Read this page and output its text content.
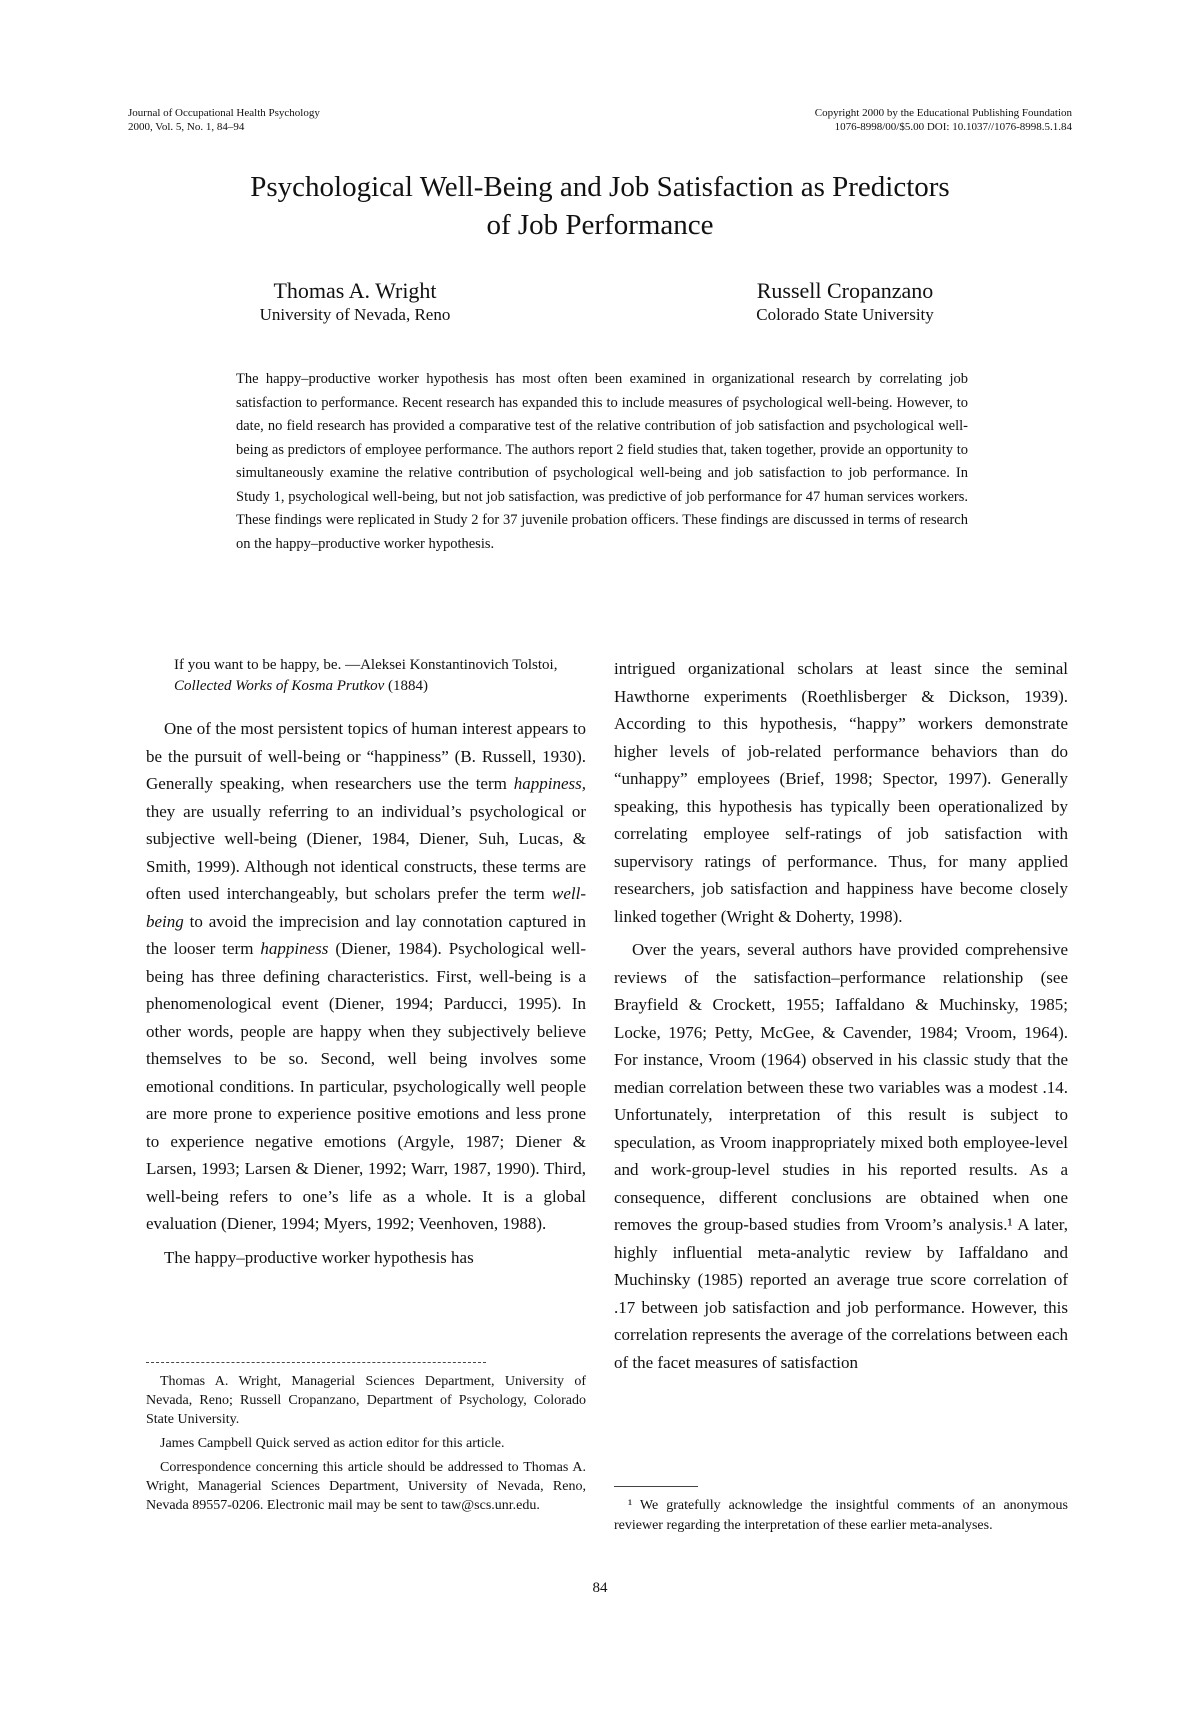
Journal of Occupational Health Psychology
2000, Vol. 5, No. 1, 84–94
Copyright 2000 by the Educational Publishing Foundation
1076-8998/00/$5.00 DOI: 10.1037//1076-8998.5.1.84
Psychological Well-Being and Job Satisfaction as Predictors
of Job Performance
Thomas A. Wright
University of Nevada, Reno
Russell Cropanzano
Colorado State University
The happy–productive worker hypothesis has most often been examined in organizational research by correlating job satisfaction to performance. Recent research has expanded this to include measures of psychological well-being. However, to date, no field research has provided a comparative test of the relative contribution of job satisfaction and psychological well-being as predictors of employee performance. The authors report 2 field studies that, taken together, provide an opportunity to simultaneously examine the relative contribution of psychological well-being and job satisfaction to job performance. In Study 1, psychological well-being, but not job satisfaction, was predictive of job performance for 47 human services workers. These findings were replicated in Study 2 for 37 juvenile probation officers. These findings are discussed in terms of research on the happy–productive worker hypothesis.
If you want to be happy, be. —Aleksei Konstantinovich Tolstoi, Collected Works of Kosma Prutkov (1884)

One of the most persistent topics of human interest appears to be the pursuit of well-being or “happiness” (B. Russell, 1930). Generally speaking, when researchers use the term happiness, they are usually referring to an individual’s psychological or subjective well-being (Diener, 1984, Diener, Suh, Lucas, & Smith, 1999). Although not identical constructs, these terms are often used interchangeably, but scholars prefer the term well-being to avoid the imprecision and lay connotation captured in the looser term happiness (Diener, 1984). Psychological well-being has three defining characteristics. First, well-being is a phenomenological event (Diener, 1994; Parducci, 1995). In other words, people are happy when they subjectively believe themselves to be so. Second, well being involves some emotional conditions. In particular, psychologically well people are more prone to experience positive emotions and less prone to experience negative emotions (Argyle, 1987; Diener & Larsen, 1993; Larsen & Diener, 1992; Warr, 1987, 1990). Third, well-being refers to one’s life as a whole. It is a global evaluation (Diener, 1994; Myers, 1992; Veenhoven, 1988).

The happy–productive worker hypothesis has

intrigued organizational scholars at least since the seminal Hawthorne experiments (Roethlisberger & Dickson, 1939). According to this hypothesis, “happy” workers demonstrate higher levels of job-related performance behaviors than do “unhappy” employees (Brief, 1998; Spector, 1997). Generally speaking, this hypothesis has typically been operationalized by correlating employee self-ratings of job satisfaction with supervisory ratings of performance. Thus, for many applied researchers, job satisfaction and happiness have become closely linked together (Wright & Doherty, 1998).

Over the years, several authors have provided comprehensive reviews of the satisfaction–performance relationship (see Brayfield & Crockett, 1955; Iaffaldano & Muchinsky, 1985; Locke, 1976; Petty, McGee, & Cavender, 1984; Vroom, 1964). For instance, Vroom (1964) observed in his classic study that the median correlation between these two variables was a modest .14. Unfortunately, interpretation of this result is subject to speculation, as Vroom inappropriately mixed both employee-level and work-group-level studies in his reported results. As a consequence, different conclusions are obtained when one removes the group-based studies from Vroom’s analysis.¹ A later, highly influential meta-analytic review by Iaffaldano and Muchinsky (1985) reported an average true score correlation of .17 between job satisfaction and job performance. However, this correlation represents the average of the correlations between each of the facet measures of satisfaction

Thomas A. Wright, Managerial Sciences Department, University of Nevada, Reno; Russell Cropanzano, Department of Psychology, Colorado State University.

James Campbell Quick served as action editor for this article.

Correspondence concerning this article should be addressed to Thomas A. Wright, Managerial Sciences Department, University of Nevada, Reno, Nevada 89557-0206. Electronic mail may be sent to taw@scs.unr.edu.	¹ We gratefully acknowledge the insightful comments of an anonymous reviewer regarding the interpretation of these earlier meta-analyses.
84
